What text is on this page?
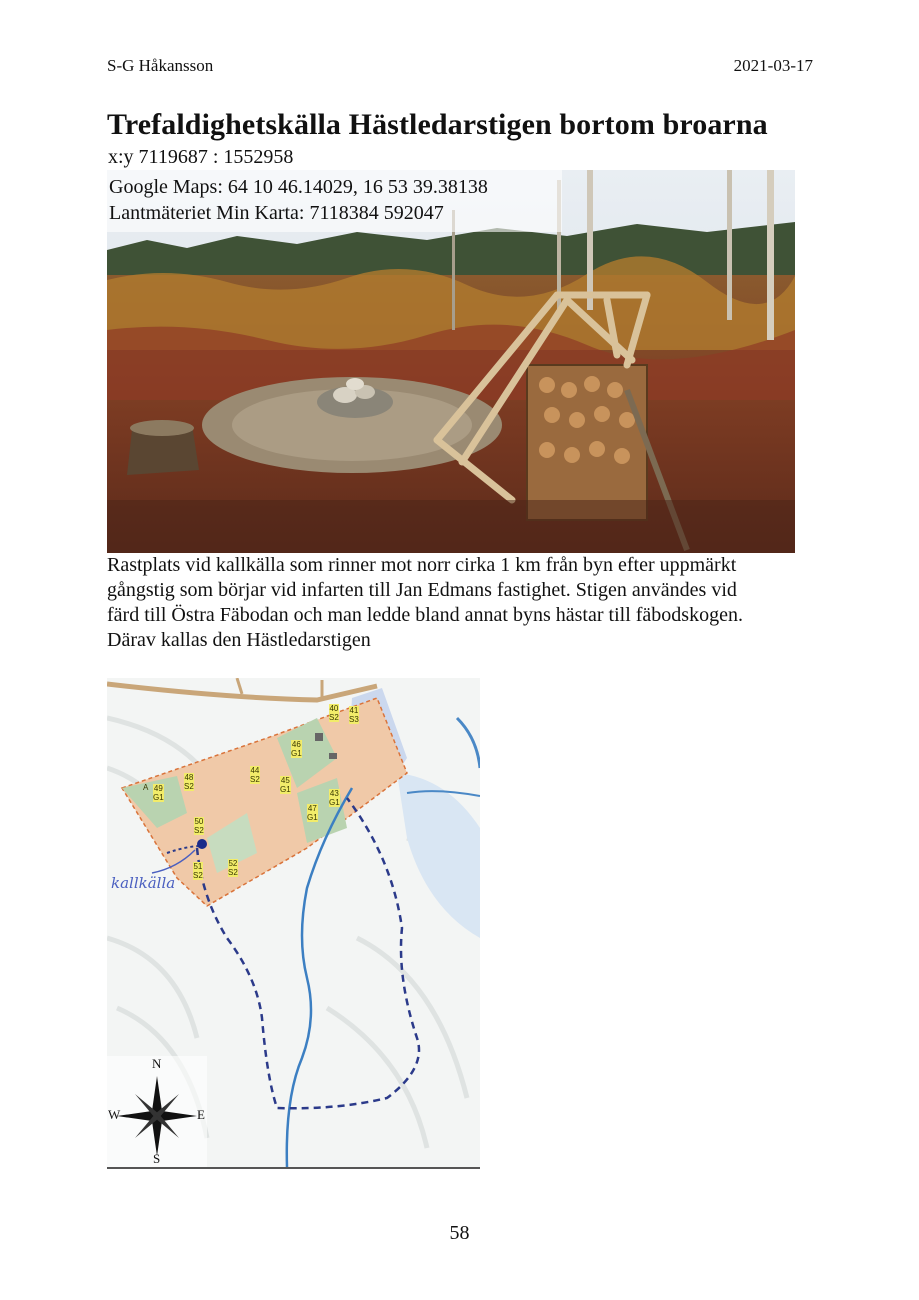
S-G Håkansson	2021-03-17
Trefaldighetskälla Hästledarstigen bortom broarna
x:y 7119687 : 1552958
Google Maps: 64 10 46.14029, 16 53 39.38138
Lantmäteriet Min Karta: 7118384 592047

Rastplats vid kallkälla som rinner mot norr cirka 1 km från byn efter uppmärkt

gångstig som börjar vid infarten till Jan Edmans fastighet. Stigen användes vid

färd till Östra Fäbodan och man ledde bland annat byns hästar till fäbodskogen.

Därav kallas den Hästledarstigen

A 49
G1
48
S2
44
S2	45
G1
40
S2
41
S3
46
G1
47
G1
43
G1
50
S2
51
S2
52
S2
kallkälla
N
E
S
W
58
